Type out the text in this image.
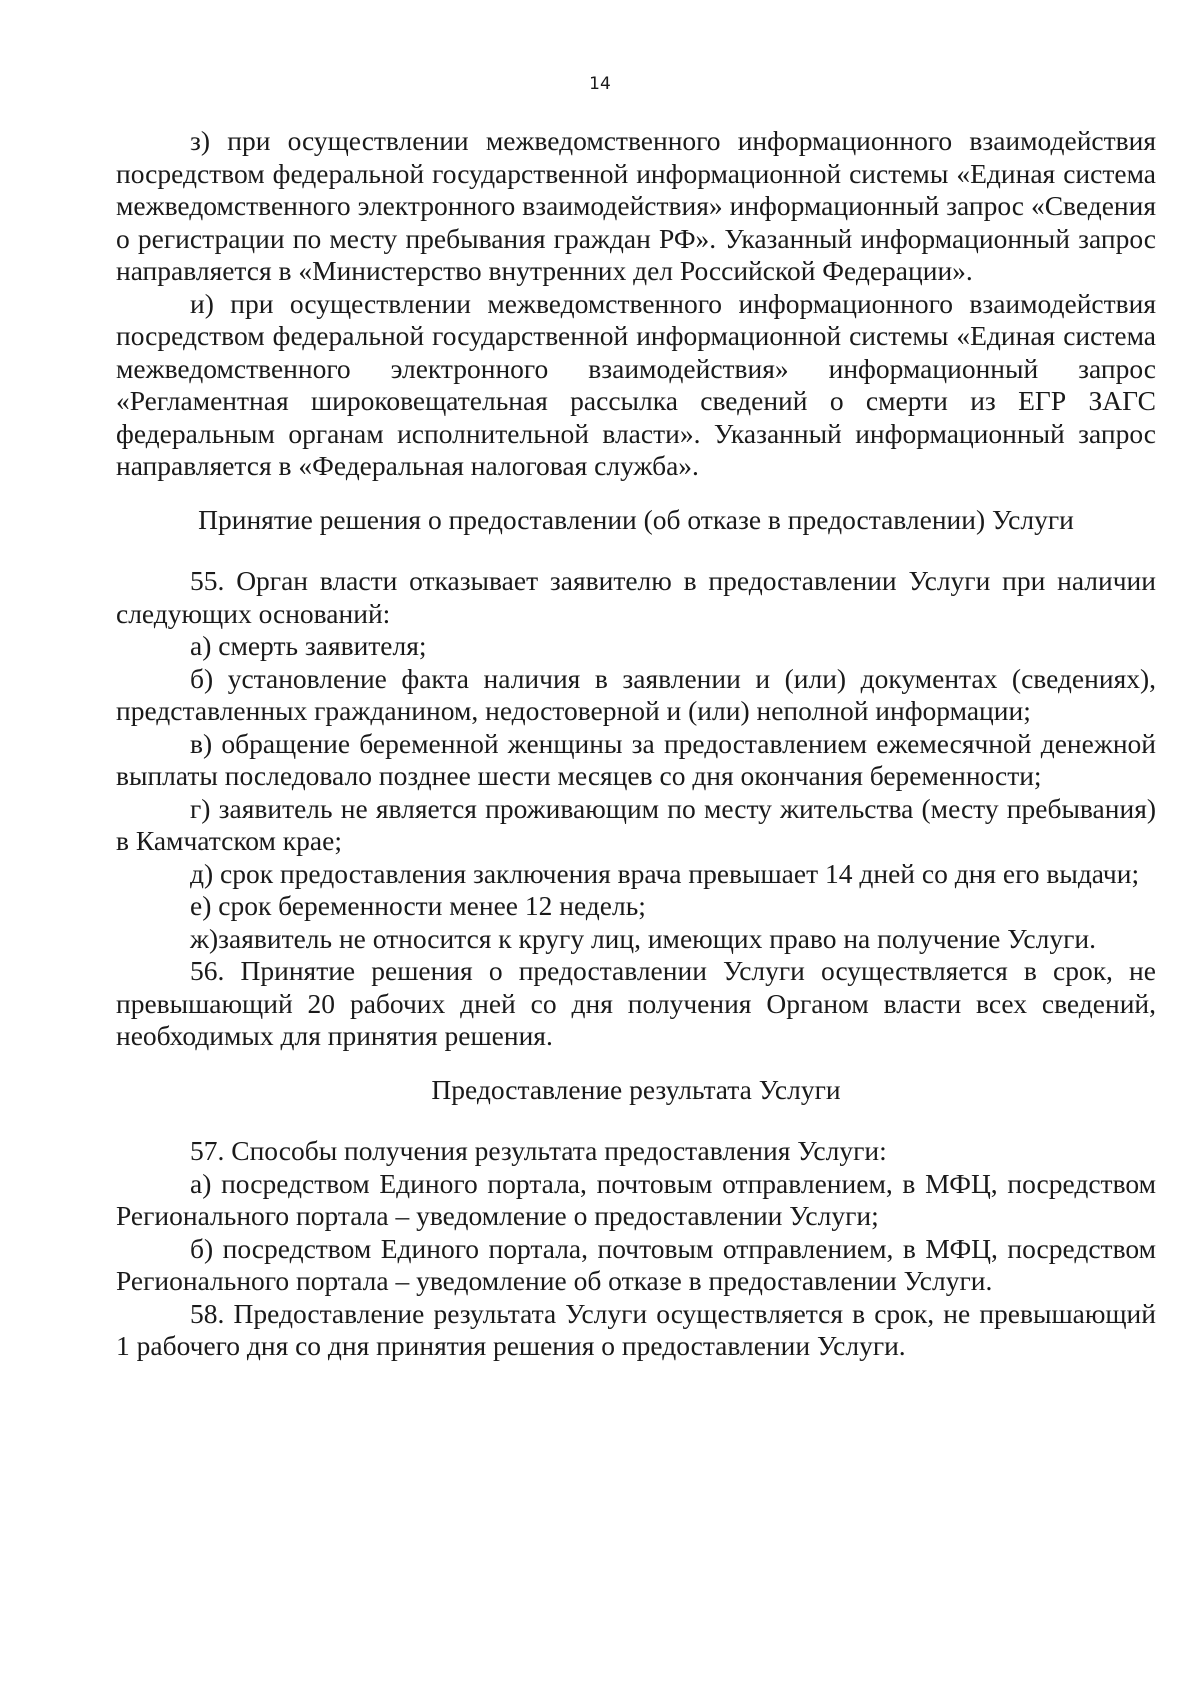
14

з) при осуществлении межведомственного информационного взаимодействия посредством федеральной государственной информационной системы «Единая система межведомственного электронного взаимодействия» информационный запрос «Сведения о регистрации по месту пребывания граждан РФ». Указанный информационный запрос направляется в «Министерство внутренних дел Российской Федерации».

и) при осуществлении межведомственного информационного взаимодействия посредством федеральной государственной информационной системы «Единая система межведомственного электронного взаимодействия» информационный запрос «Регламентная широковещательная рассылка сведений о смерти из ЕГР ЗАГС федеральным органам исполнительной власти». Указанный информационный запрос направляется в «Федеральная налоговая служба».

Принятие решения о предоставлении (об отказе в предоставлении) Услуги

55. Орган власти отказывает заявителю в предоставлении Услуги при наличии следующих оснований:

а) смерть заявителя;

б) установление факта наличия в заявлении и (или) документах (сведениях), представленных гражданином, недостоверной и (или) неполной информации;

в) обращение беременной женщины за предоставлением ежемесячной денежной выплаты последовало позднее шести месяцев со дня окончания беременности;

г) заявитель не является проживающим по месту жительства (месту пребывания) в Камчатском крае;

д) срок предоставления заключения врача превышает 14 дней со дня его выдачи;

е) срок беременности менее 12 недель;

ж)заявитель не относится к кругу лиц, имеющих право на получение Услуги.

56. Принятие решения о предоставлении Услуги осуществляется в срок, не превышающий 20 рабочих дней со дня получения Органом власти всех сведений, необходимых для принятия решения.

Предоставление результата Услуги

57. Способы получения результата предоставления Услуги:

а) посредством Единого портала, почтовым отправлением, в МФЦ, посредством Регионального портала – уведомление о предоставлении Услуги;

б) посредством Единого портала, почтовым отправлением, в МФЦ, посредством Регионального портала – уведомление об отказе в предоставлении Услуги.

58. Предоставление результата Услуги осуществляется в срок, не превышающий 1 рабочего дня со дня принятия решения о предоставлении Услуги.
